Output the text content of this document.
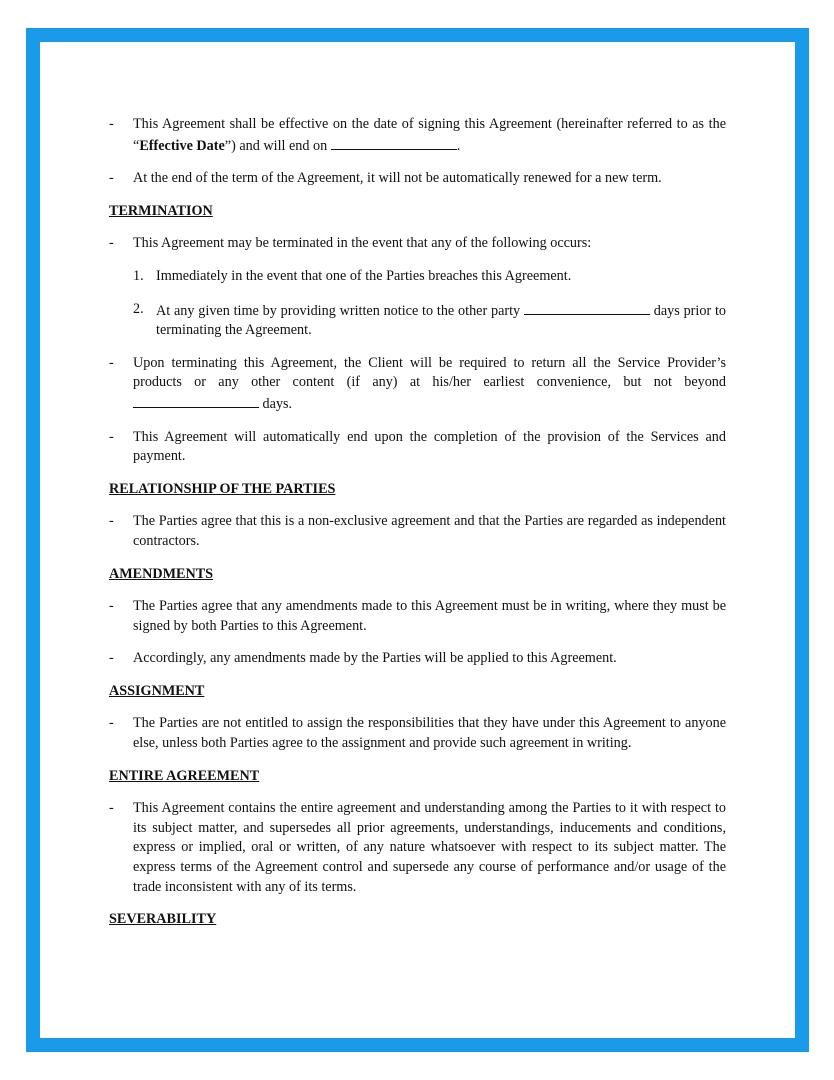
- This Agreement shall be effective on the date of signing this Agreement (hereinafter referred to as the “Effective Date”) and will end on	.
- At the end of the term of the Agreement, it will not be automatically renewed for a new term.
TERMINATION
- This Agreement may be terminated in the event that any of the following occurs:
1. Immediately in the event that one of the Parties breaches this Agreement.
2. At any given time by providing written notice to the other party	days prior to terminating the Agreement.
- Upon terminating this Agreement, the Client will be required to return all the Service Provider’s products or any other content (if any) at his/her earliest convenience, but not beyond  days.
- This Agreement will automatically end upon the completion of the provision of the Services and payment.
RELATIONSHIP OF THE PARTIES
- The Parties agree that this is a non-exclusive agreement and that the Parties are regarded as independent contractors.
AMENDMENTS
- The Parties agree that any amendments made to this Agreement must be in writing, where they must be signed by both Parties to this Agreement.
- Accordingly, any amendments made by the Parties will be applied to this Agreement.
ASSIGNMENT
- The Parties are not entitled to assign the responsibilities that they have under this Agreement to anyone else, unless both Parties agree to the assignment and provide such agreement in writing.
ENTIRE AGREEMENT
- This Agreement contains the entire agreement and understanding among the Parties to it with respect to its subject matter, and supersedes all prior agreements, understandings, inducements and conditions, express or implied, oral or written, of any nature whatsoever with respect to its subject matter. The express terms of the Agreement control and supersede any course of performance and/or usage of the trade inconsistent with any of its terms.
SEVERABILITY
